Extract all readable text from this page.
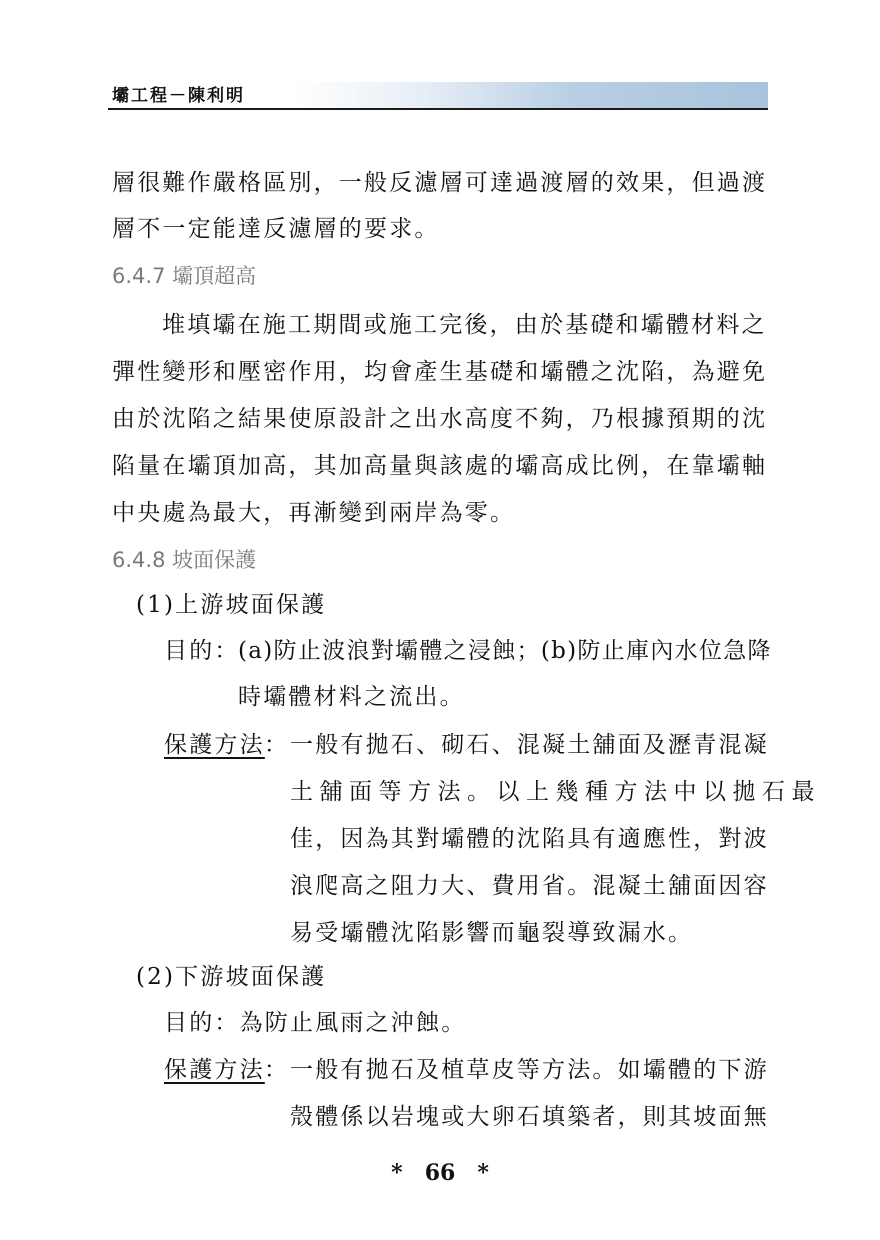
壩工程－陳利明
層很難作嚴格區別，一般反濾層可達過渡層的效果，但過渡
層不一定能達反濾層的要求。
6.4.7 壩頂超高
堆填壩在施工期間或施工完後，由於基礎和壩體材料之
彈性變形和壓密作用，均會產生基礎和壩體之沈陷，為避免
由於沈陷之結果使原設計之出水高度不夠，乃根據預期的沈
陷量在壩頂加高，其加高量與該處的壩高成比例，在靠壩軸
中央處為最大，再漸變到兩岸為零。
6.4.8 坡面保護
(1)上游坡面保護
目的：
(a)防止波浪對壩體之浸蝕；(b)防止庫內水位急降
時壩體材料之流出。
保護方法 ： 一般有拋石、砌石、混凝土舖面及瀝青混凝
土舖面等方法。以上幾種方法中以拋石最
佳，因為其對壩體的沈陷具有適應性，對波
浪爬高之阻力大、費用省。混凝土舖面因容
易受壩體沈陷影響而龜裂導致漏水。
(2)下游坡面保護
目的：為防止風雨之沖蝕。
保護方法 ： 一般有拋石及植草皮等方法。如壩體的下游
殼體係以岩塊或大卵石填築者，則其坡面無
* 66 *
